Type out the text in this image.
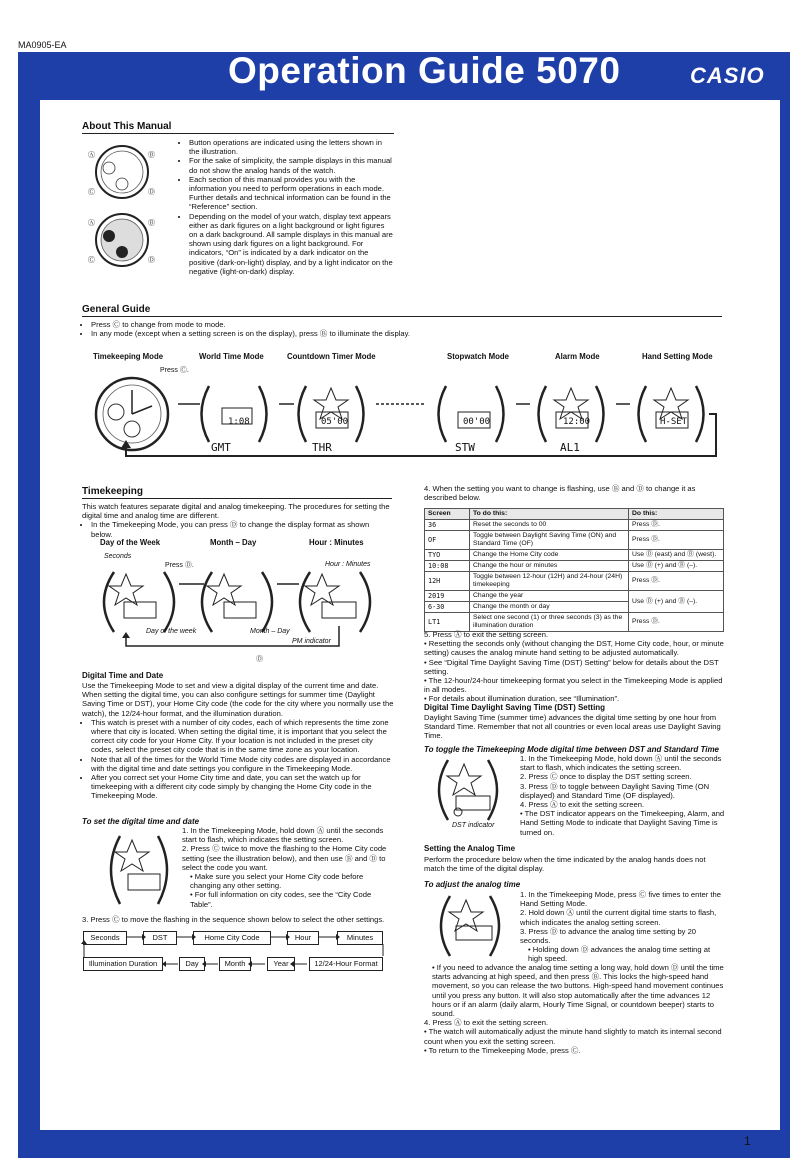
MA0905-EA
Operation Guide 5070	CASIO
About This Manual
Ⓐ	Ⓑ
Ⓒ	Ⓓ
Ⓐ	Ⓑ
Ⓒ	Ⓓ
• Button operations are indicated using the letters shown in the illustration.
• For the sake of simplicity, the sample displays in this manual do not show the analog hands of the watch.
• Each section of this manual provides you with the information you need to perform operations in each mode. Further details and technical information can be found in the “Reference” section.
• Depending on the model of your watch, display text appears either as dark figures on a light background or light figures on a dark background. All sample displays in this manual are shown using dark figures on a light background. For indicators, “On” is indicated by a dark indicator on the positive (dark-on-light) display, and by a light indicator on the negative (light-on-dark) display.
General Guide
• Press Ⓒ to change from mode to mode.
• In any mode (except when a setting screen is on the display), press Ⓑ to illuminate the display.
Timekeeping Mode	World Time Mode	Countdown Timer Mode	Stopwatch Mode	Alarm Mode	Hand Setting Mode
Press Ⓒ.
1:08
GMT
05'00
THR
00'00
STW
12:00
AL1
H-SET
Timekeeping
This watch features separate digital and analog timekeeping. The procedures for setting the digital time and analog time are different.
• In the Timekeeping Mode, you can press Ⓓ to change the display format as shown below.
Day of the Week	Month – Day	Hour : Minutes
Seconds
Press Ⓓ.	Hour : Minutes
Day of the week	Month – Day
PM indicator
Ⓓ
Digital Time and Date
Use the Timekeeping Mode to set and view a digital display of the current time and date. When setting the digital time, you can also configure settings for summer time (Daylight Saving Time or DST), your Home City code (the code for the city where you normally use the watch), the 12/24-hour format, and the illumination duration.
• This watch is preset with a number of city codes, each of which represents the time zone where that city is located. When setting the digital time, it is important that you select the correct city code for your Home City. If your location is not included in the preset city codes, select the preset city code that is in the same time zone as your location.
• Note that all of the times for the World Time Mode city codes are displayed in accordance with the digital time and date settings you configure in the Timekeeping Mode.
• After you correct set your Home City time and date, you can set the watch up for timekeeping with a different city code simply by changing the Home City code in the Timekeeping Mode.
To set the digital time and date
1. In the Timekeeping Mode, hold down Ⓐ until the seconds start to flash, which indicates the setting screen.
2. Press Ⓒ twice to move the flashing to the Home City code setting (see the illustration below), and then use Ⓑ and Ⓓ to select the code you want.
• Make sure you select your Home City code before changing any other setting.
• For full information on city codes, see the “City Code Table”.
3. Press Ⓒ to move the flashing in the sequence shown below to select the other settings.
Seconds	DST	Home City Code	Hour	Minutes
Illumination Duration	Day	Month	Year	12/24-Hour Format
4. When the setting you want to change is flashing, use Ⓑ and Ⓓ to change it as described below.
Screen	To do this:	Do this:
36	Reset the seconds to 00	Press Ⓓ.
OF	Toggle between Daylight Saving Time (ON) and Standard Time (OF)	Press Ⓓ.
TYO	Change the Home City code	Use Ⓓ (east) and Ⓑ (west).
10:08	Change the hour or minutes	Use Ⓓ (+) and Ⓑ (–).
12H	Toggle between 12-hour (12H) and 24-hour (24H) timekeeping	Press Ⓓ.
2019	Change the year	Use Ⓓ (+) and Ⓑ (–).
6-30	Change the month or day	
LT1	Select one second (1) or three seconds (3) as the illumination duration	Press Ⓓ.
5. Press Ⓐ to exit the setting screen.
• Resetting the seconds only (without changing the DST, Home City code, hour, or minute setting) causes the analog minute hand setting to be adjusted automatically.
• See “Digital Time Daylight Saving Time (DST) Setting” below for details about the DST setting.
• The 12-hour/24-hour timekeeping format you select in the Timekeeping Mode is applied in all modes.
• For details about illumination duration, see “Illumination”.
Digital Time Daylight Saving Time (DST) Setting
Daylight Saving Time (summer time) advances the digital time setting by one hour from Standard Time. Remember that not all countries or even local areas use Daylight Saving Time.
To toggle the Timekeeping Mode digital time between DST and Standard Time
DST indicator
1. In the Timekeeping Mode, hold down Ⓐ until the seconds start to flash, which indicates the setting screen.
2. Press Ⓒ once to display the DST setting screen.
3. Press Ⓓ to toggle between Daylight Saving Time (ON displayed) and Standard Time (OF displayed).
4. Press Ⓐ to exit the setting screen.
• The DST indicator appears on the Timekeeping, Alarm, and Hand Setting Mode to indicate that Daylight Saving Time is turned on.
Setting the Analog Time
Perform the procedure below when the time indicated by the analog hands does not match the time of the digital display.
To adjust the analog time
1. In the Timekeeping Mode, press Ⓒ five times to enter the Hand Setting Mode.
2. Hold down Ⓐ until the current digital time starts to flash, which indicates the analog setting screen.
3. Press Ⓓ to advance the analog time setting by 20 seconds.
• Holding down Ⓓ advances the analog time setting at high speed.
• If you need to advance the analog time setting a long way, hold down Ⓓ until the time starts advancing at high speed, and then press Ⓑ. This locks the high-speed hand movement, so you can release the two buttons. High-speed hand movement continues until you press any button. It will also stop automatically after the time advances 12 hours or if an alarm (daily alarm, Hourly Time Signal, or countdown beeper) starts to sound.
4. Press Ⓐ to exit the setting screen.
• The watch will automatically adjust the minute hand slightly to match its internal second count when you exit the setting screen.
• To return to the Timekeeping Mode, press Ⓒ.
1
